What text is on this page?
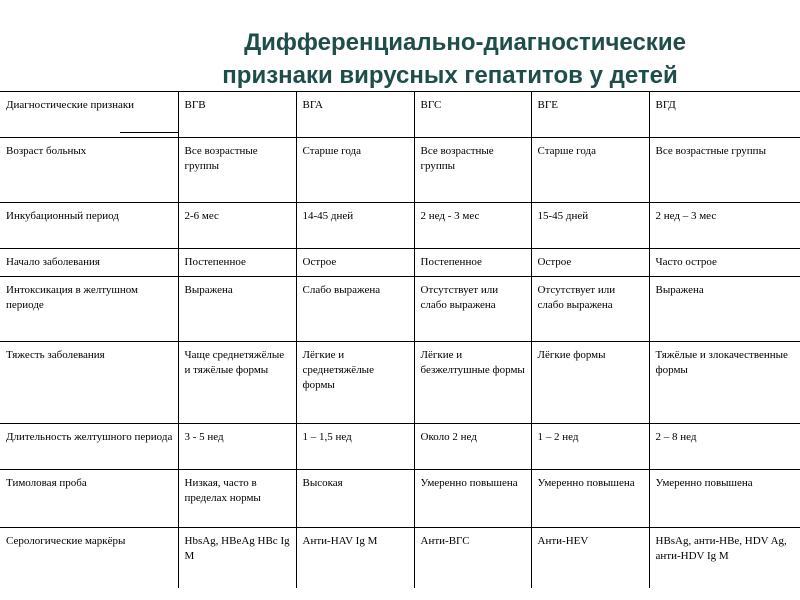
Дифференциально-диагностические
признаки вирусных гепатитов у детей
Диагностические признаки	ВГВ	ВГА	ВГС	ВГЕ	ВГД
Возраст больных	Все возрастные группы	Старше года	Все возрастные группы	Старше года	Все возрастные группы
Инкубационный период	2-6 мес	14-45 дней	2 нед - 3 мес	15-45 дней	2 нед – 3 мес
Начало заболевания	Постепенное	Острое	Постепенное	Острое	Часто острое
Интоксикация в желтушном периоде	Выражена	Слабо выражена	Отсутствует или слабо выражена	Отсутствует или слабо выражена	Выражена
Тяжесть заболевания	Чаще среднетяжёлые и тяжёлые формы	Лёгкие и среднетяжёлые формы	Лёгкие и безжелтушные формы	Лёгкие формы	Тяжёлые и злокачественные формы
Длительность желтушного периода	3 - 5 нед	1 – 1,5 нед	Около 2 нед	1 – 2 нед	2 – 8 нед
Тимоловая проба	Низкая, часто в пределах нормы	Высокая	Умеренно повышена	Умеренно повышена	Умеренно повышена
Серологические маркёры	HbsAg, HBeAg HBc Ig M	Анти-HAV Ig M	Анти-ВГС	Анти-HEV	HBsAg, анти-HBe, HDV Ag, анти-HDV Ig M
